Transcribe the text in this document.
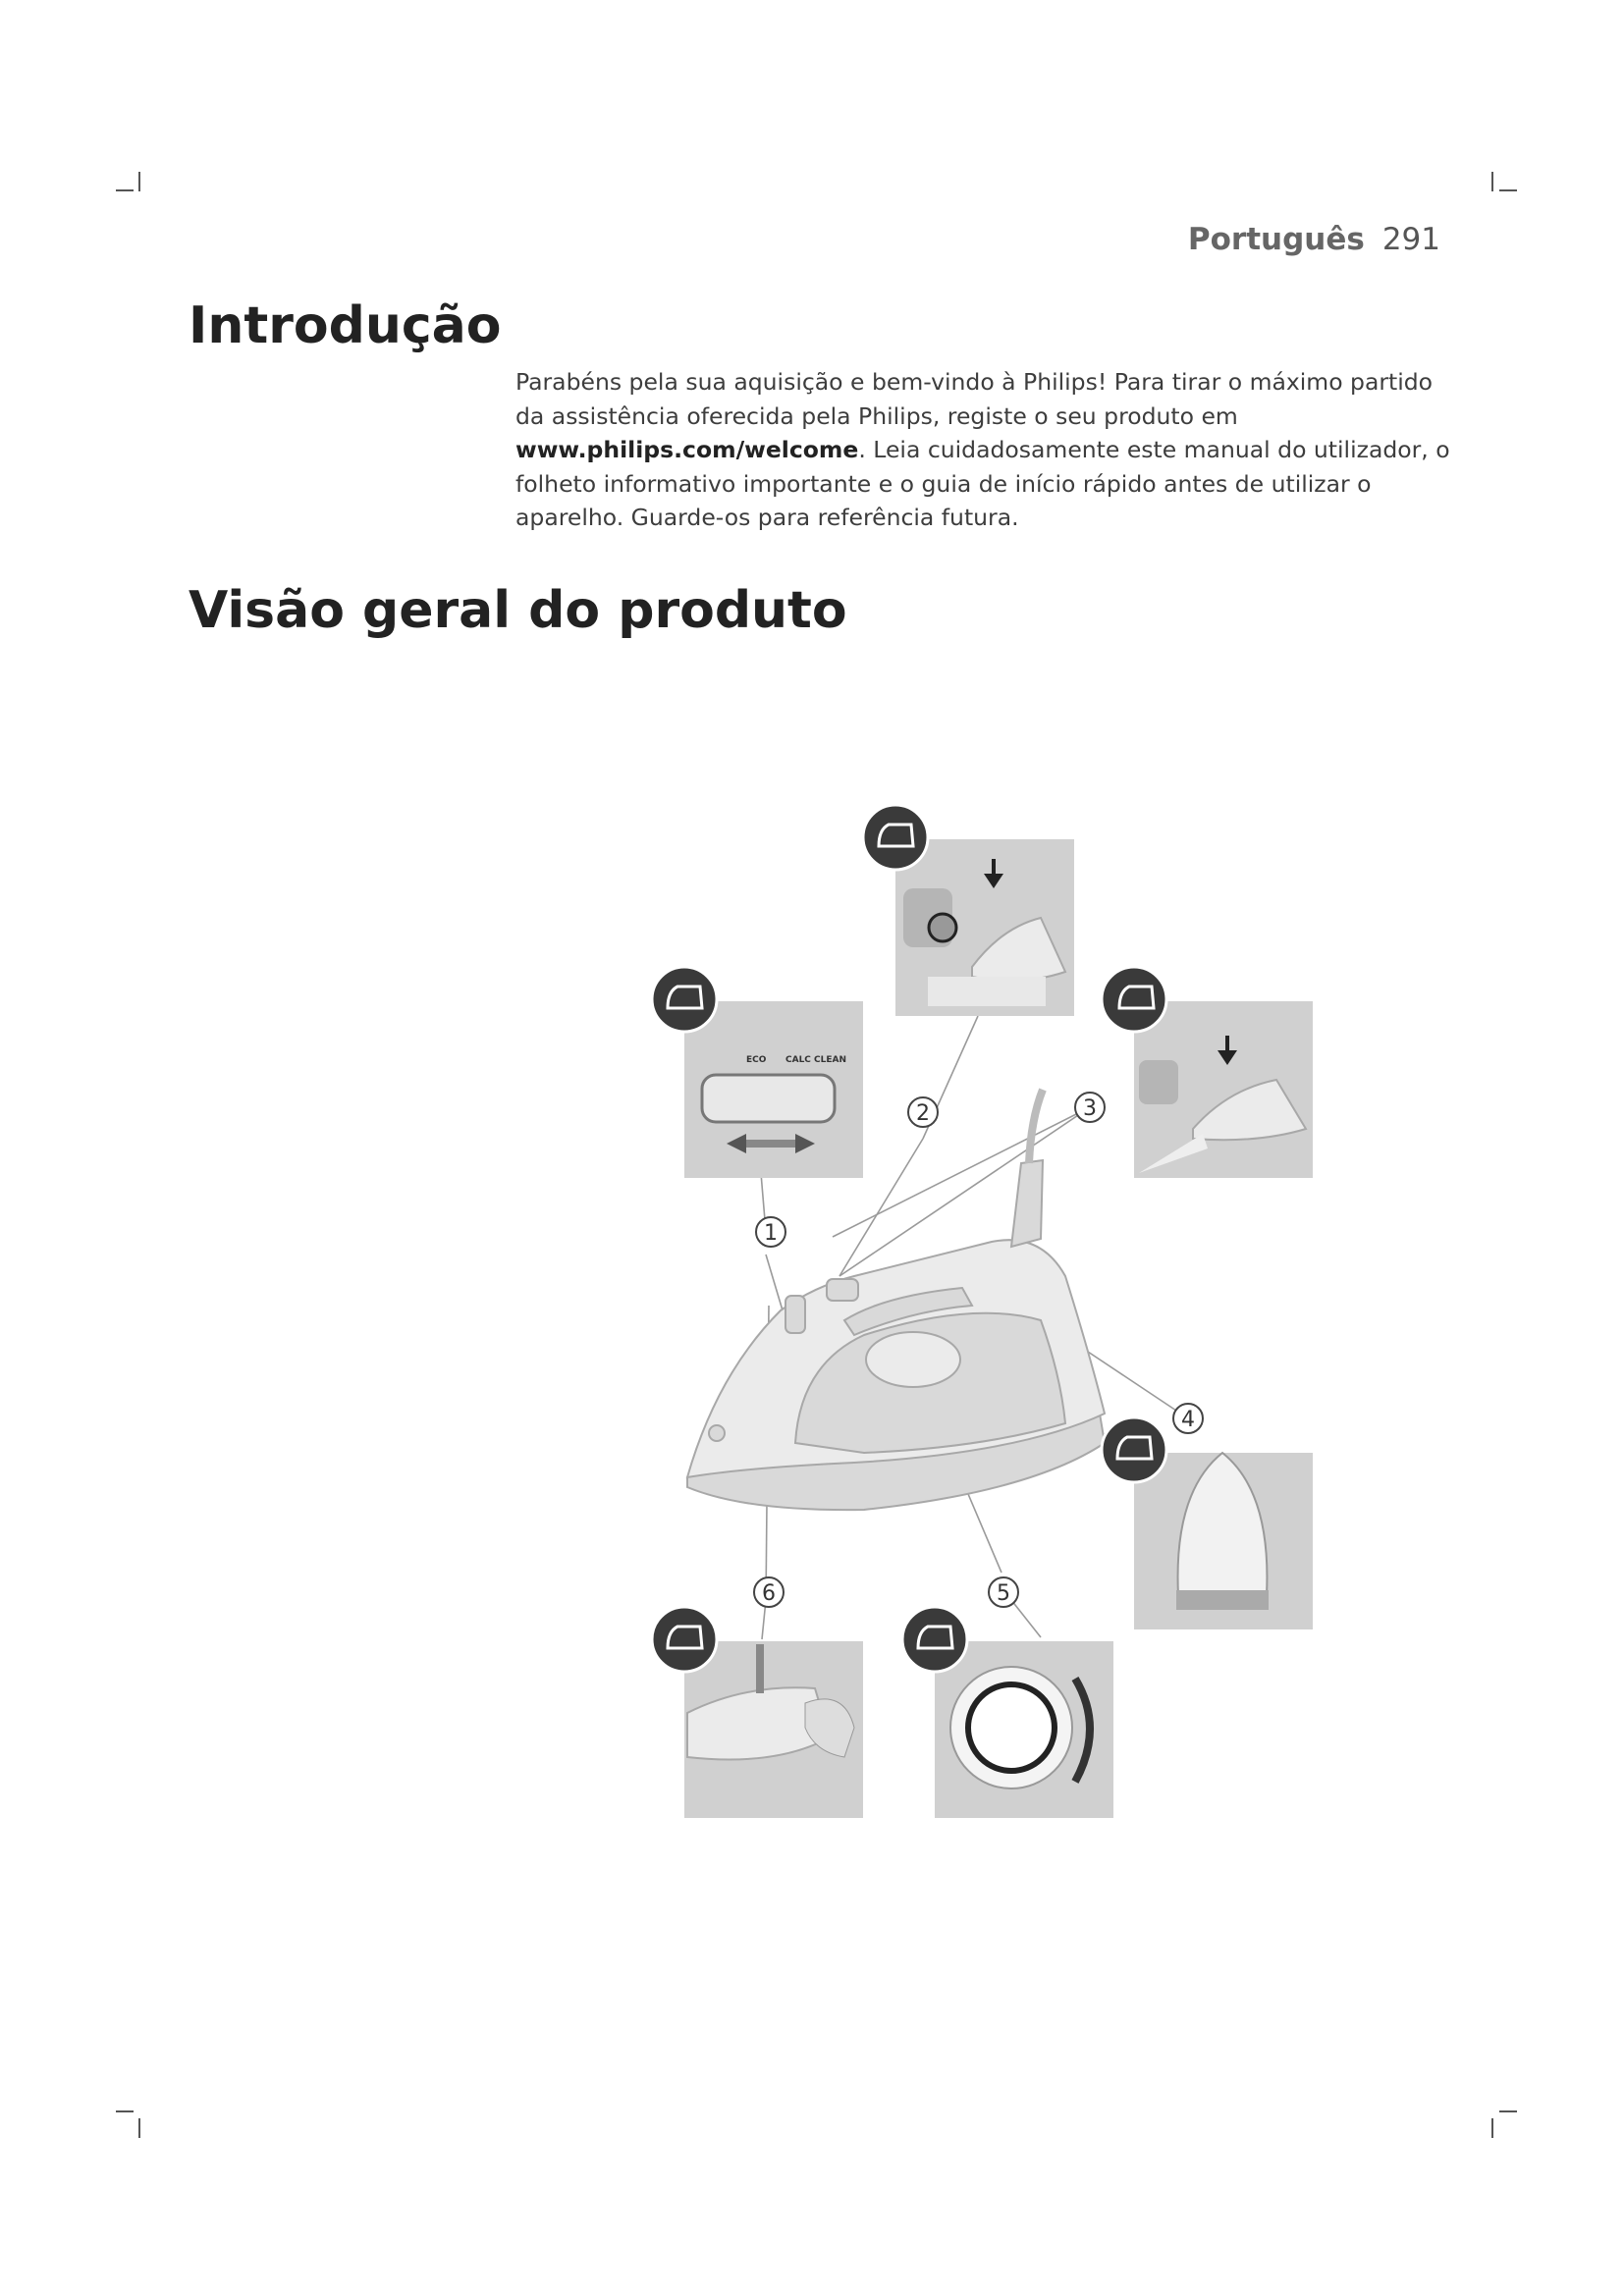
Português 291
Introdução

Parabéns pela sua aquisição e bem-vindo à Philips! Para tirar o máximo partido da assistência oferecida pela Philips, registe o seu produto em www.philips.com/welcome. Leia cuidadosamente este manual do utilizador, o folheto informativo importante e o guia de início rápido antes de utilizar o aparelho. Guarde-os para referência futura.

Visão geral do produto
ECO CALC CLEAN
1
2	3
4
5
6
